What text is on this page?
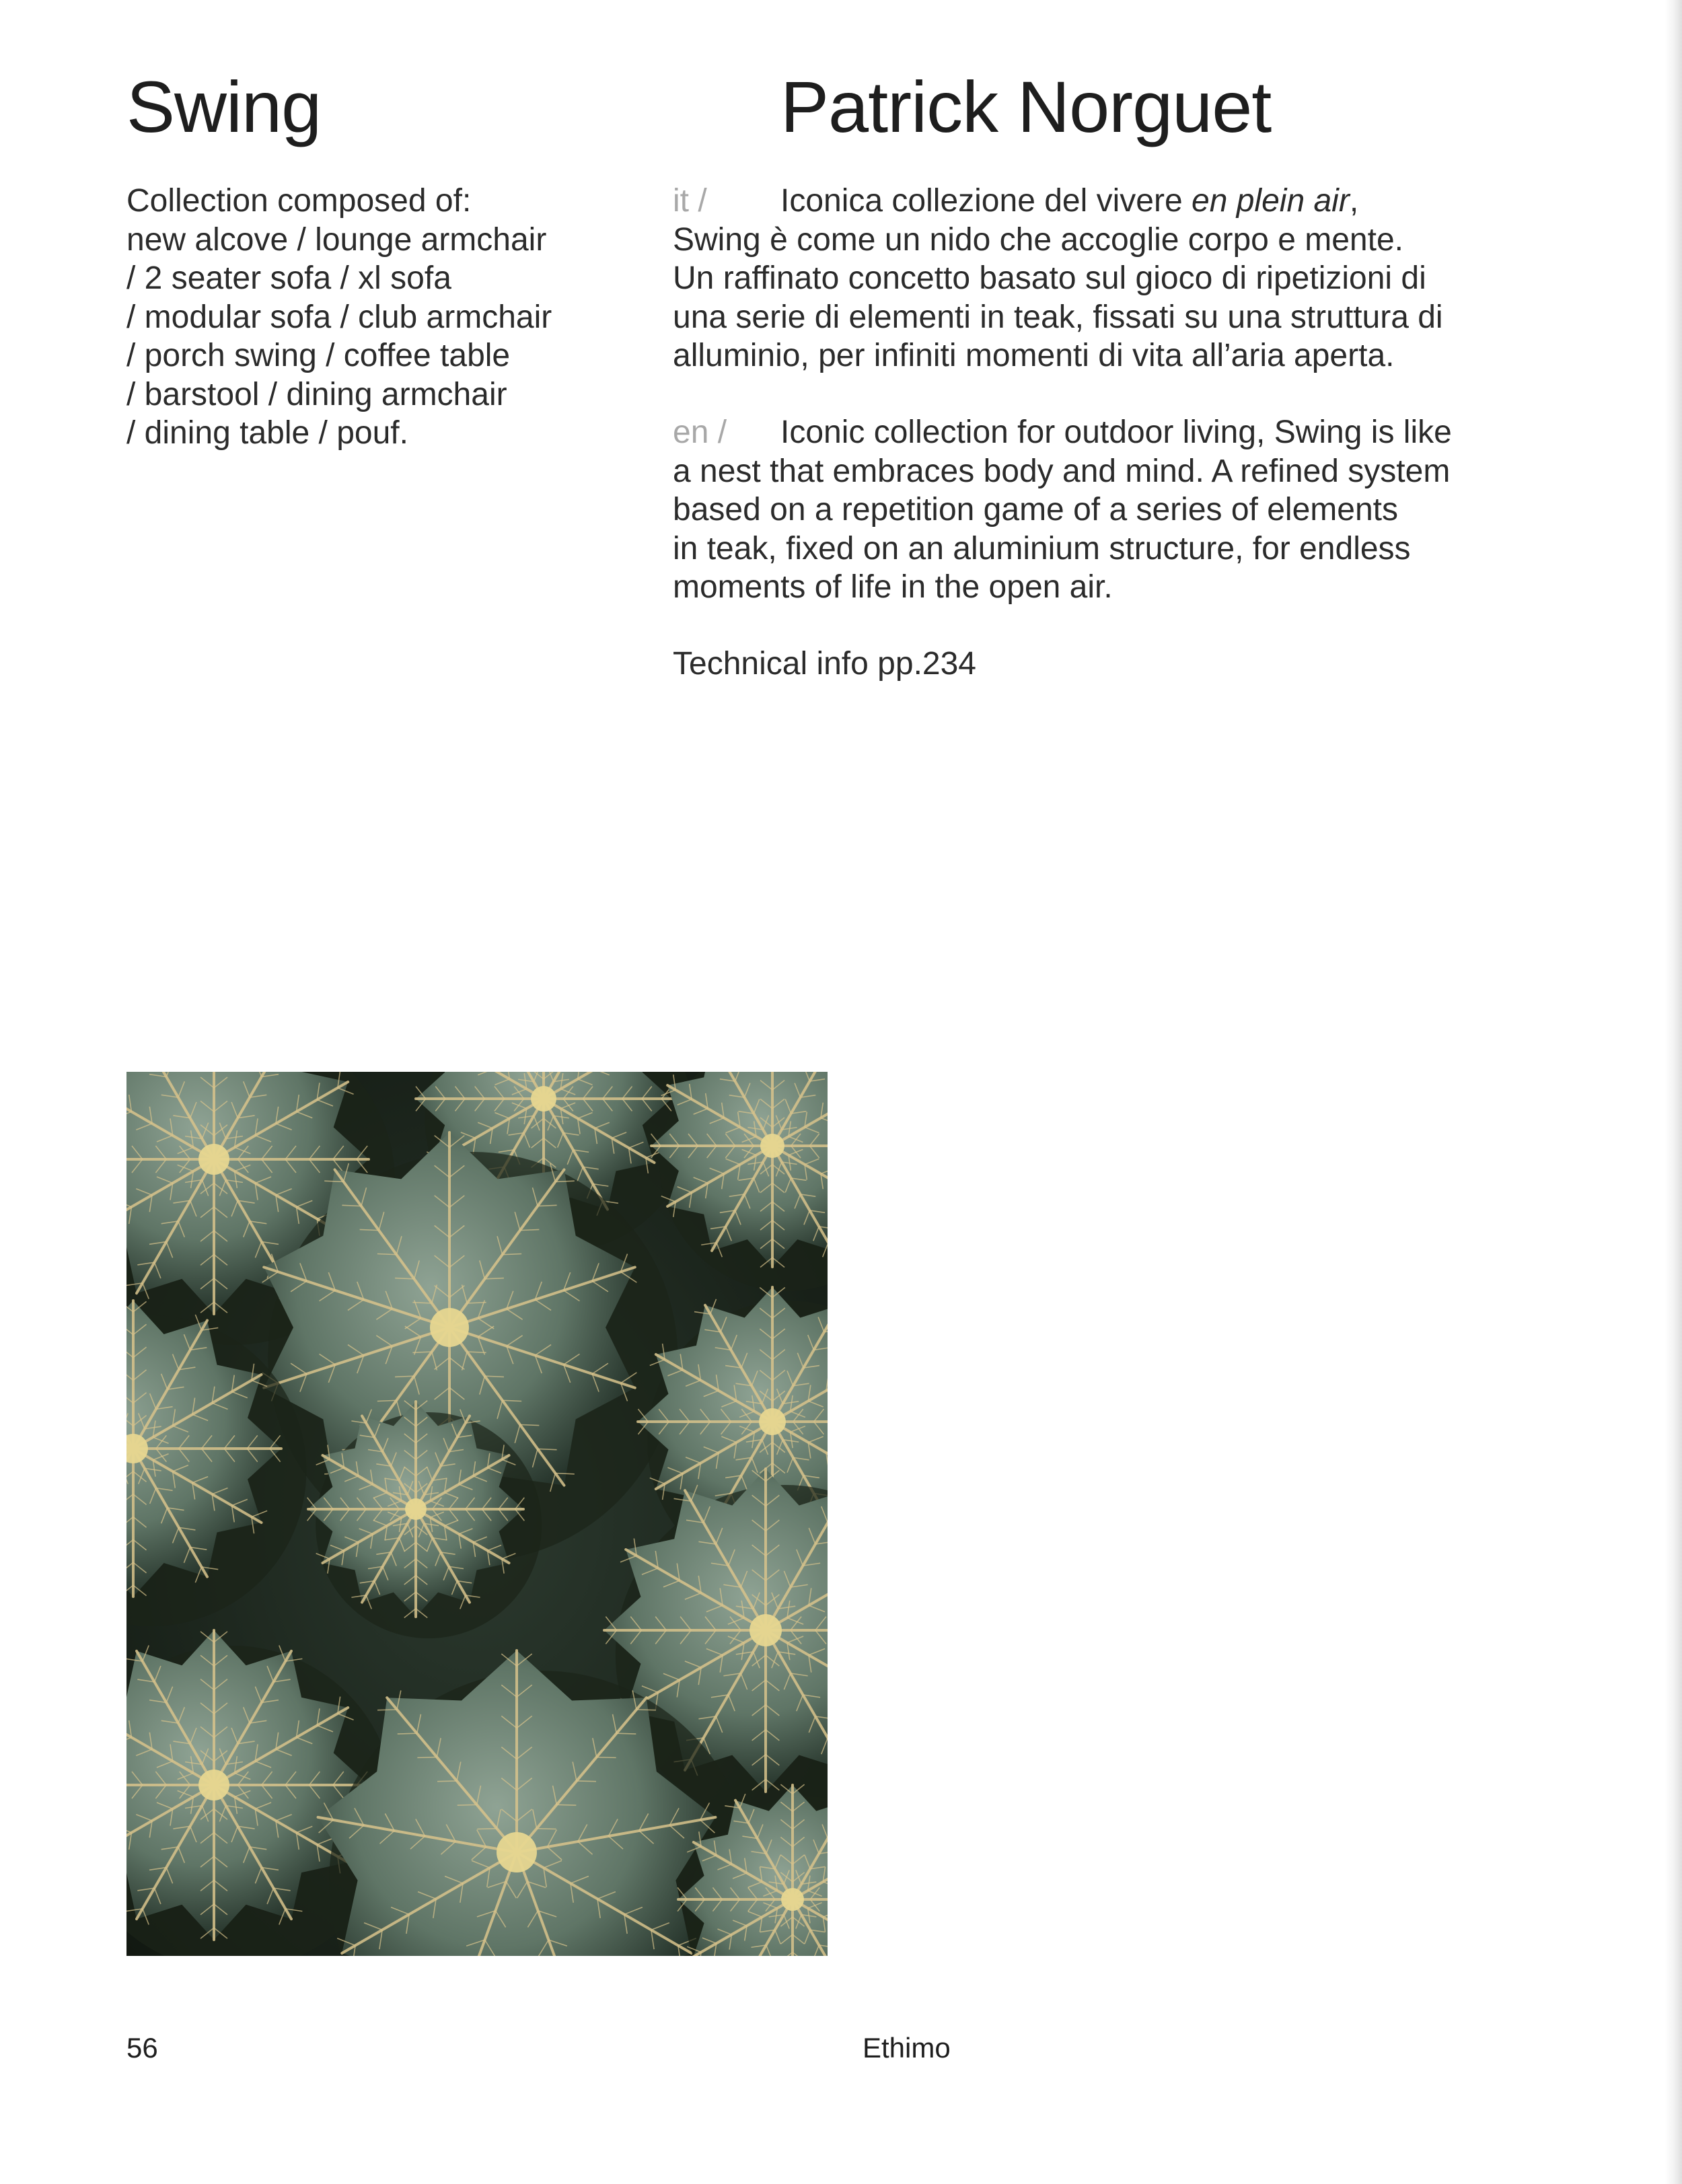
Swing	Patrick Norguet
Collection composed of:
new alcove / lounge armchair
/ 2 seater sofa / xl sofa
/ modular sofa / club armchair
/ porch swing / coffee table
/ barstool / dining armchair
/ dining table / pouf.
it / Iconica collezione del vivere en plein air,
Swing è come un nido che accoglie corpo e mente.
Un raffinato concetto basato sul gioco di ripetizioni di
una serie di elementi in teak, fissati su una struttura di
alluminio, per infiniti momenti di vita all’aria aperta.
en / Iconic collection for outdoor living, Swing is like
a nest that embraces body and mind. A refined system
based on a repetition game of a series of elements
in teak, fixed on an aluminium structure, for endless
moments of life in the open air.
Technical info pp.234
56	Ethimo
